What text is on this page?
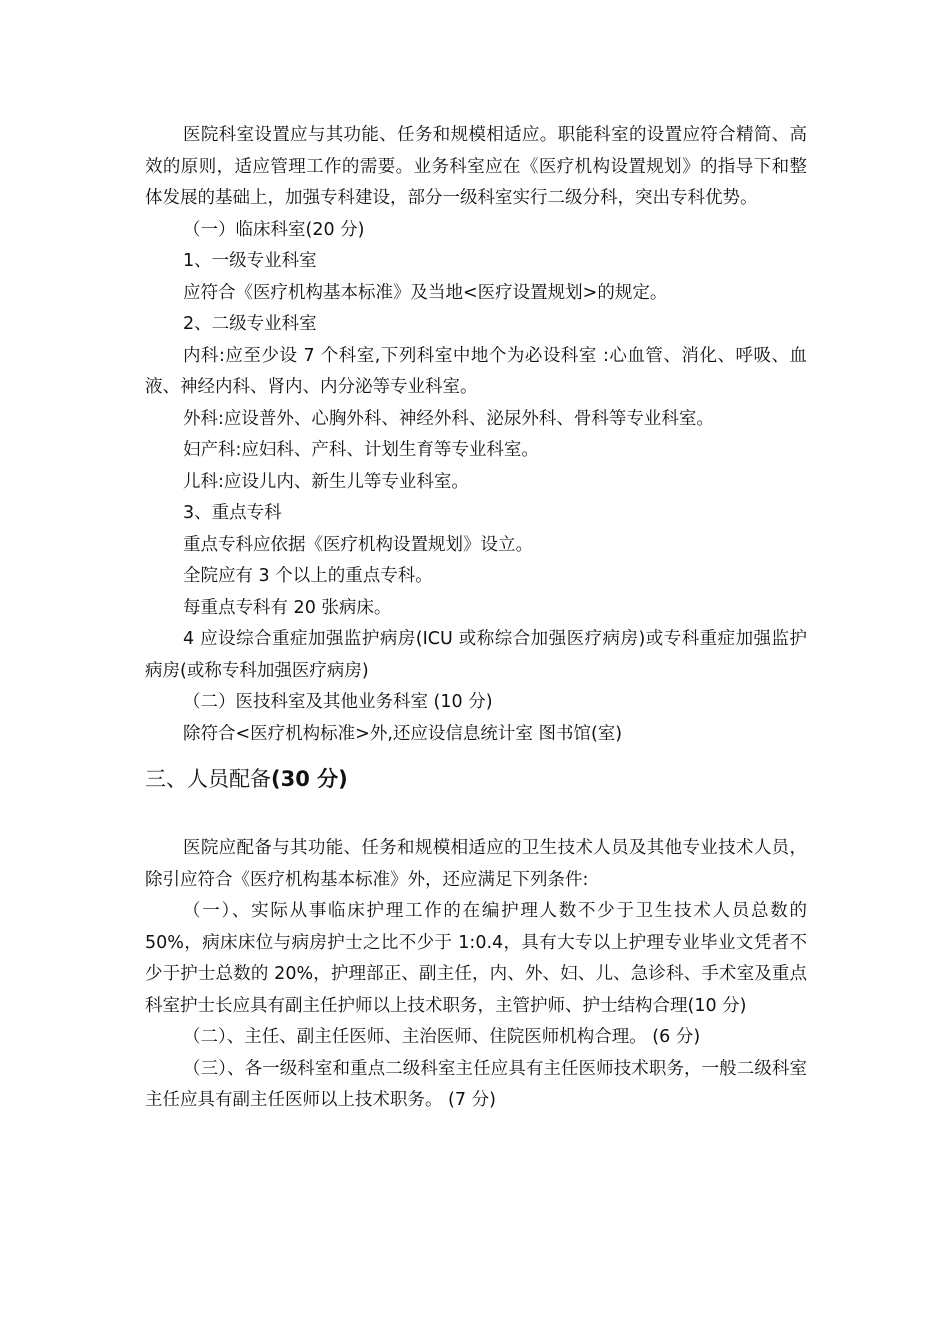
医院科室设置应与其功能、任务和规模相适应。职能科室的设置应符合精简、高效的原则，适应管理工作的需要。业务科室应在《医疗机构设置规划》的指导下和整体发展的基础上，加强专科建设，部分一级科室实行二级分科，突出专科优势。

（一）临床科室(20 分)

1、一级专业科室

应符合《医疗机构基本标准》及当地<医疗设置规划>的规定。

2、二级专业科室

内科:应至少设 7 个科室,下列科室中地个为必设科室 :心血管、消化、呼吸、血液、神经内科、肾内、内分泌等专业科室。

外科:应设普外、心胸外科、神经外科、泌尿外科、骨科等专业科室。

妇产科:应妇科、产科、计划生育等专业科室。

儿科:应设儿内、新生儿等专业科室。

3、重点专科

重点专科应依据《医疗机构设置规划》设立。

全院应有 3 个以上的重点专科。

每重点专科有 20 张病床。

4 应设综合重症加强监护病房(ICU 或称综合加强医疗病房)或专科重症加强监护病房(或称专科加强医疗病房)

（二）医技科室及其他业务科室 (10 分)

除符合<医疗机构标准>外,还应设信息统计室 图书馆(室)

三、人员配备(30 分)

医院应配备与其功能、任务和规模相适应的卫生技术人员及其他专业技术人员，除引应符合《医疗机构基本标准》外，还应满足下列条件:

（一）、实际从事临床护理工作的在编护理人数不少于卫生技术人员总数的 50%，病床床位与病房护士之比不少于 1:0.4，具有大专以上护理专业毕业文凭者不少于护士总数的 20%，护理部正、副主任，内、外、妇、儿、急诊科、手术室及重点科室护士长应具有副主任护师以上技术职务，主管护师、护士结构合理(10 分)

（二）、主任、副主任医师、主治医师、住院医师机构合理。 (6 分)

（三）、各一级科室和重点二级科室主任应具有主任医师技术职务，一般二级科室主任应具有副主任医师以上技术职务。 (7 分)
